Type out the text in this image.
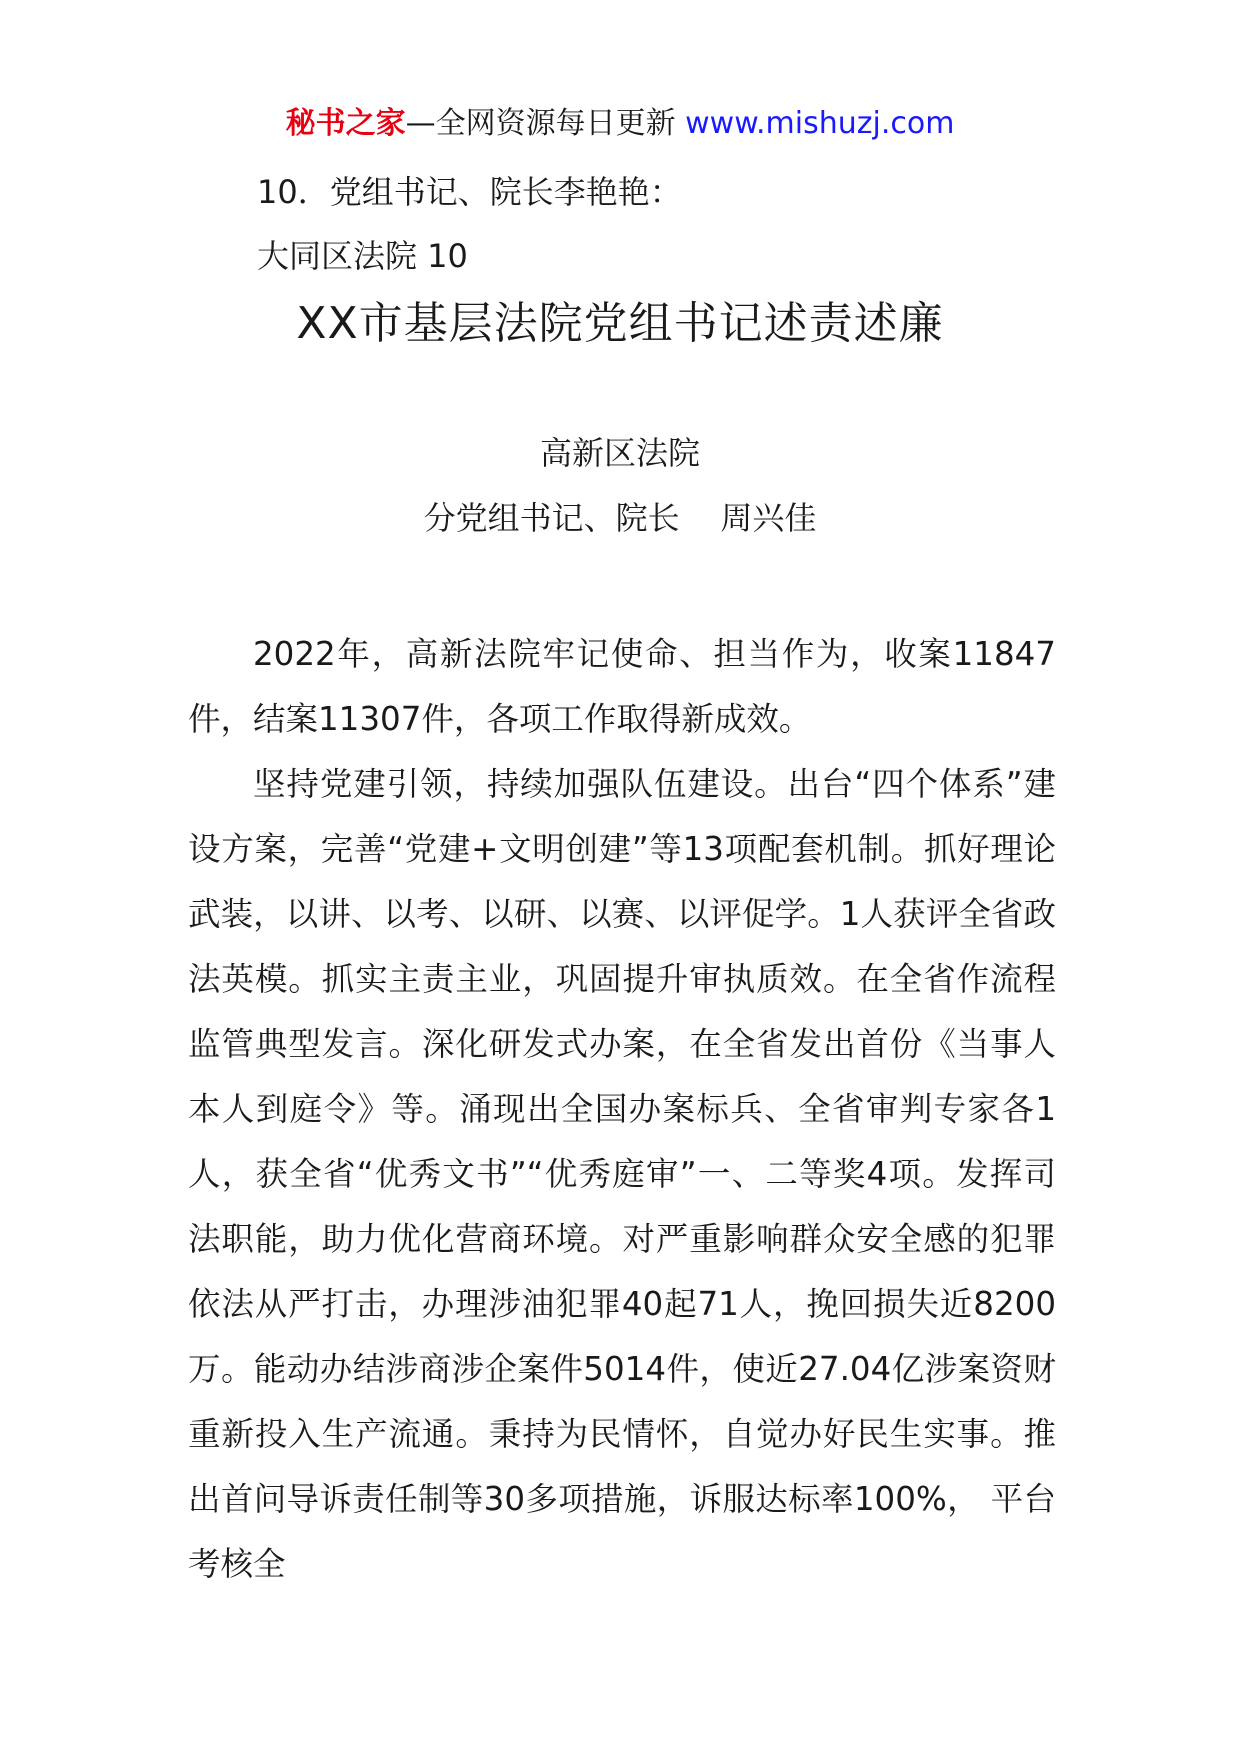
秘书之家—全网资源每日更新 www.mishuzj.com
10．党组书记、院长李艳艳：
大同区法院 10
XX市基层法院党组书记述责述廉
高新区法院
分党组书记、院长    周兴佳

2022年，高新法院牢记使命、担当作为，收案11847件，结案11307件，各项工作取得新成效。

坚持党建引领，持续加强队伍建设。出台“四个体系”建设方案，完善“党建+文明创建”等13项配套机制。抓好理论武装，以讲、以考、以研、以赛、以评促学。1人获评全省政法英模。抓实主责主业，巩固提升审执质效。在全省作流程监管典型发言。深化研发式办案，在全省发出首份《当事人本人到庭令》等。涌现出全国办案标兵、全省审判专家各1人，获全省“优秀文书”“优秀庭审”一、二等奖4项。发挥司法职能，助力优化营商环境。对严重影响群众安全感的犯罪依法从严打击，办理涉油犯罪40起71人，挽回损失近8200万。能动办结涉商涉企案件5014件，使近27.04亿涉案资财重新投入生产流通。秉持为民情怀，自觉办好民生实事。推出首问导诉责任制等30多项措施，诉服达标率100%， 平台考核全
